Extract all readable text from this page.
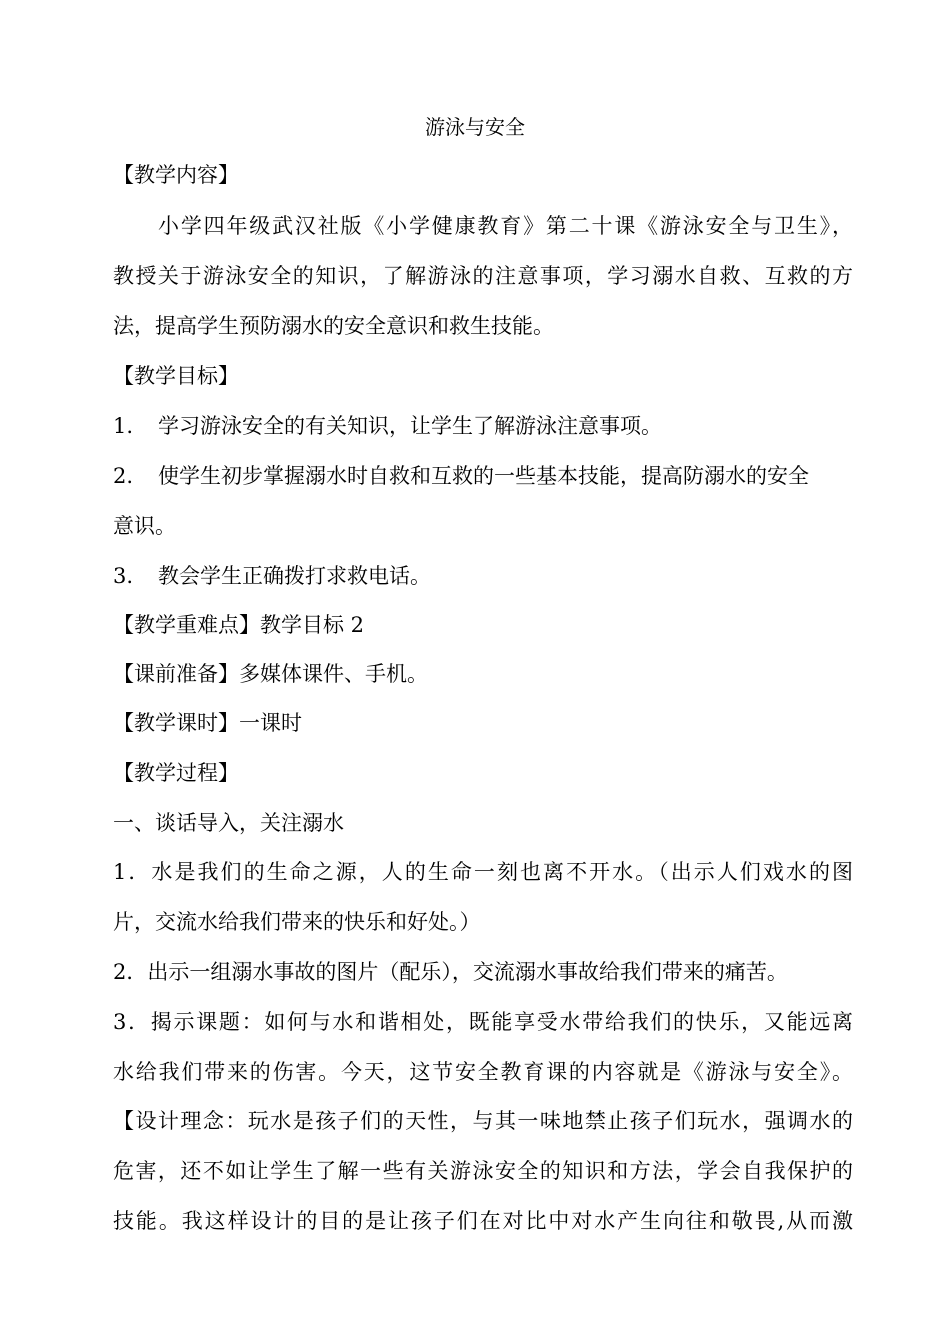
游泳与安全
【教学内容】
小学四年级武汉社版《小学健康教育》第二十课《游泳安全与卫生》，
教授关于游泳安全的知识，了解游泳的注意事项，学习溺水自救、互救的方
法，提高学生预防溺水的安全意识和救生技能。
【教学目标】
1. 学习游泳安全的有关知识，让学生了解游泳注意事项。
2. 使学生初步掌握溺水时自救和互救的一些基本技能，提高防溺水的安全
意识。
3. 教会学生正确拨打求救电话。
【教学重难点】教学目标 2
【课前准备】多媒体课件、手机。
【教学课时】一课时
【教学过程】
一、谈话导入，关注溺水
1．水是我们的生命之源，人的生命一刻也离不开水。（出示人们戏水的图
片，交流水给我们带来的快乐和好处。）
2．出示一组溺水事故的图片（配乐），交流溺水事故给我们带来的痛苦。
3．揭示课题：如何与水和谐相处，既能享受水带给我们的快乐，又能远离
水给我们带来的伤害。今天，这节安全教育课的内容就是《游泳与安全》。
【设计理念：玩水是孩子们的天性，与其一味地禁止孩子们玩水，强调水的
危害，还不如让学生了解一些有关游泳安全的知识和方法，学会自我保护的
技能。我这样设计的目的是让孩子们在对比中对水产生向往和敬畏,从而激
